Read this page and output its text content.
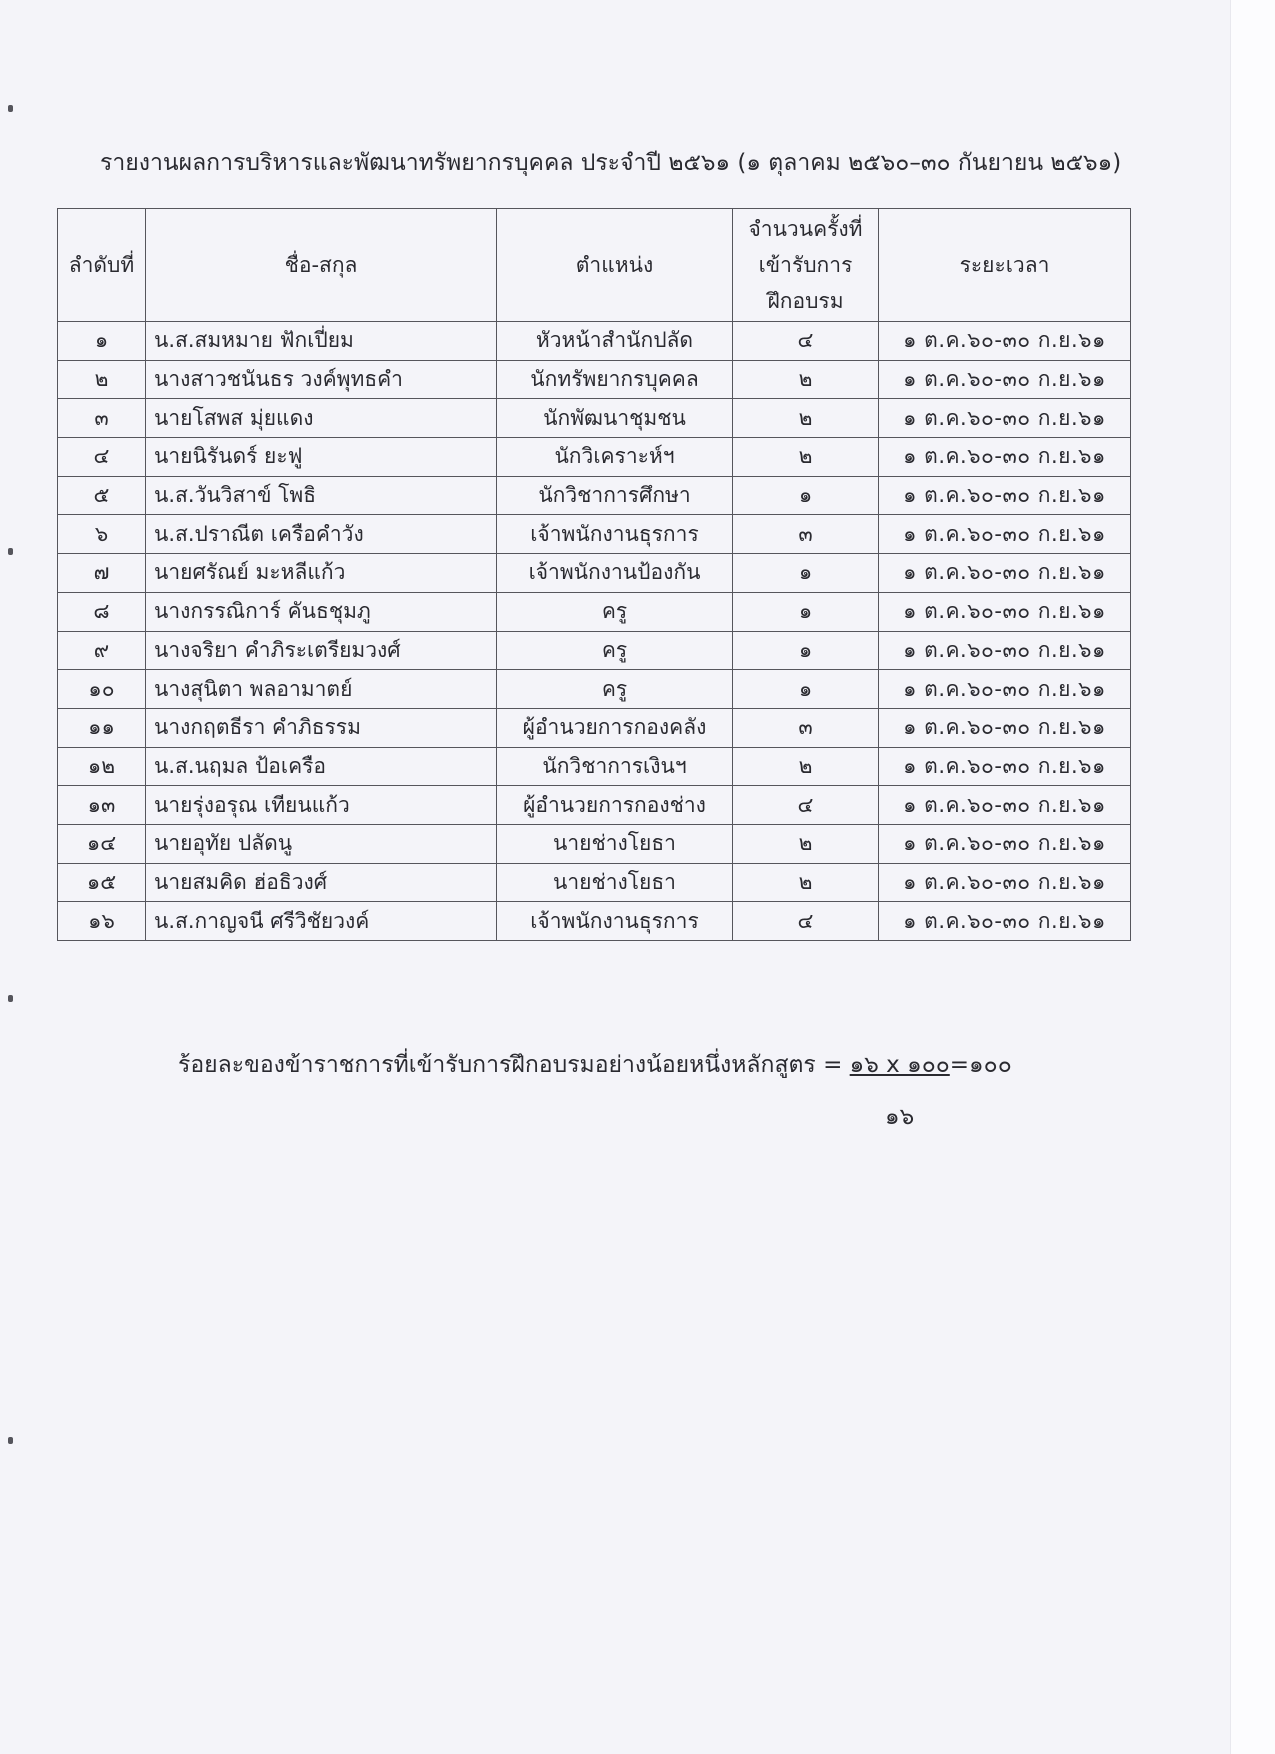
รายงานผลการบริหารและพัฒนาทรัพยากรบุคคล ประจำปี ๒๕๖๑ (๑ ตุลาคม ๒๕๖๐–๓๐ กันยายน ๒๕๖๑)
ลำดับที่	ชื่อ-สกุล	ตำแหน่ง	จำนวนครั้งที่
เข้ารับการ
ฝึกอบรม	ระยะเวลา
๑	น.ส.สมหมาย ฟักเปี่ยม	หัวหน้าสำนักปลัด	๔	๑ ต.ค.๖๐-๓๐ ก.ย.๖๑
๒	นางสาวชนันธร วงค์พุทธคำ	นักทรัพยากรบุคคล	๒	๑ ต.ค.๖๐-๓๐ ก.ย.๖๑
๓	นายโสพส มุ่ยแดง	นักพัฒนาชุมชน	๒	๑ ต.ค.๖๐-๓๐ ก.ย.๖๑
๔	นายนิรันดร์ ยะฟู	นักวิเคราะห์ฯ	๒	๑ ต.ค.๖๐-๓๐ ก.ย.๖๑
๕	น.ส.วันวิสาข์ โพธิ	นักวิชาการศึกษา	๑	๑ ต.ค.๖๐-๓๐ ก.ย.๖๑
๖	น.ส.ปราณีต เครือคำวัง	เจ้าพนักงานธุรการ	๓	๑ ต.ค.๖๐-๓๐ ก.ย.๖๑
๗	นายศรัณย์ มะหลีแก้ว	เจ้าพนักงานป้องกัน	๑	๑ ต.ค.๖๐-๓๐ ก.ย.๖๑
๘	นางกรรณิการ์ คันธชุมภู	ครู	๑	๑ ต.ค.๖๐-๓๐ ก.ย.๖๑
๙	นางจริยา คำภิระเตรียมวงศ์	ครู	๑	๑ ต.ค.๖๐-๓๐ ก.ย.๖๑
๑๐	นางสุนิตา พลอามาตย์	ครู	๑	๑ ต.ค.๖๐-๓๐ ก.ย.๖๑
๑๑	นางกฤตธีรา คำภิธรรม	ผู้อำนวยการกองคลัง	๓	๑ ต.ค.๖๐-๓๐ ก.ย.๖๑
๑๒	น.ส.นฤมล ป้อเครือ	นักวิชาการเงินฯ	๒	๑ ต.ค.๖๐-๓๐ ก.ย.๖๑
๑๓	นายรุ่งอรุณ เทียนแก้ว	ผู้อำนวยการกองช่าง	๔	๑ ต.ค.๖๐-๓๐ ก.ย.๖๑
๑๔	นายอุทัย ปลัดนู	นายช่างโยธา	๒	๑ ต.ค.๖๐-๓๐ ก.ย.๖๑
๑๕	นายสมคิด ฮ่อธิวงศ์	นายช่างโยธา	๒	๑ ต.ค.๖๐-๓๐ ก.ย.๖๑
๑๖	น.ส.กาญจนี ศรีวิชัยวงค์	เจ้าพนักงานธุรการ	๔	๑ ต.ค.๖๐-๓๐ ก.ย.๖๑
ร้อยละของข้าราชการที่เข้ารับการฝึกอบรมอย่างน้อยหนึ่งหลักสูตร = ๑๖ x ๑๐๐=๑๐๐
๑๖
